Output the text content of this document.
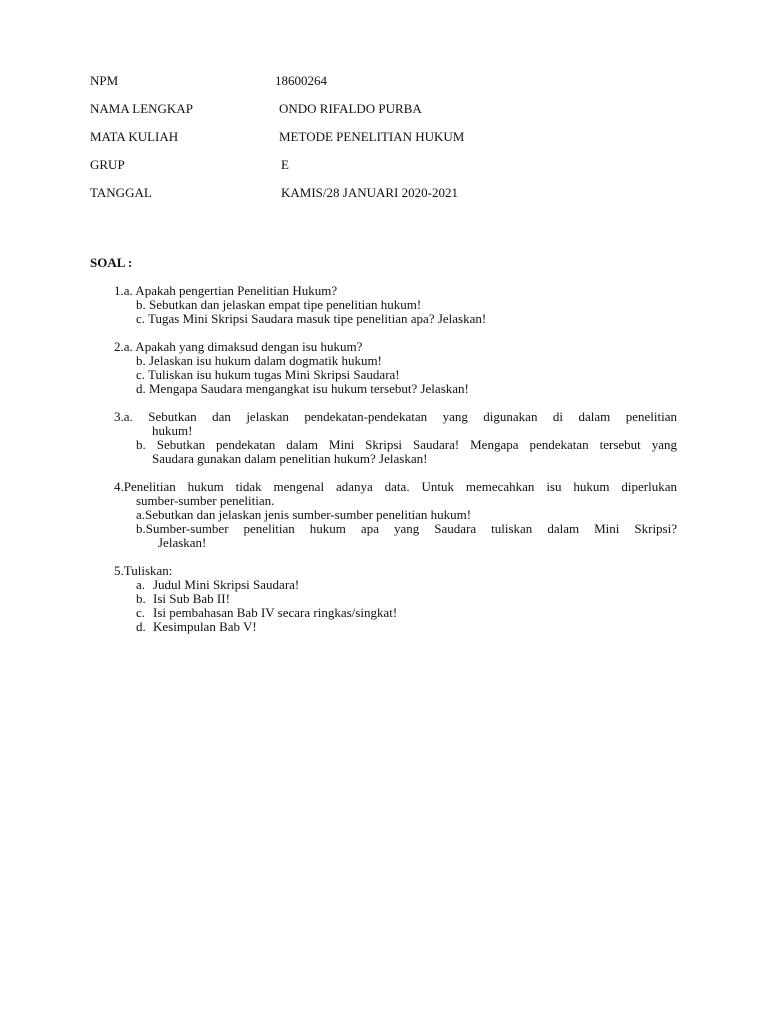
NPM	18600264
NAMA LENGKAP	ONDO RIFALDO PURBA
MATA KULIAH	METODE PENELITIAN HUKUM
GRUP	E
TANGGAL	KAMIS/28 JANUARI 2020-2021
SOAL :
1.a. Apakah pengertian Penelitian Hukum?
b. Sebutkan dan jelaskan empat tipe penelitian hukum!
c. Tugas Mini Skripsi Saudara masuk tipe penelitian apa? Jelaskan!
2.a. Apakah yang dimaksud dengan isu hukum?
b. Jelaskan isu hukum dalam dogmatik hukum!
c. Tuliskan isu hukum tugas Mini Skripsi Saudara!
d. Mengapa Saudara mengangkat isu hukum tersebut? Jelaskan!
3.a. Sebutkan dan jelaskan pendekatan-pendekatan yang digunakan di dalam penelitian
hukum!
b. Sebutkan pendekatan dalam Mini Skripsi Saudara! Mengapa pendekatan tersebut yang
Saudara gunakan dalam penelitian hukum? Jelaskan!
4.Penelitian hukum tidak mengenal adanya data. Untuk memecahkan isu hukum diperlukan
sumber-sumber penelitian.
a.Sebutkan dan jelaskan jenis sumber-sumber penelitian hukum!
b.Sumber-sumber penelitian hukum apa yang Saudara tuliskan dalam Mini Skripsi?
Jelaskan!
5.Tuliskan:
a. Judul Mini Skripsi Saudara!
b. Isi Sub Bab II!
c. Isi pembahasan Bab IV secara ringkas/singkat!
d. Kesimpulan Bab V!
